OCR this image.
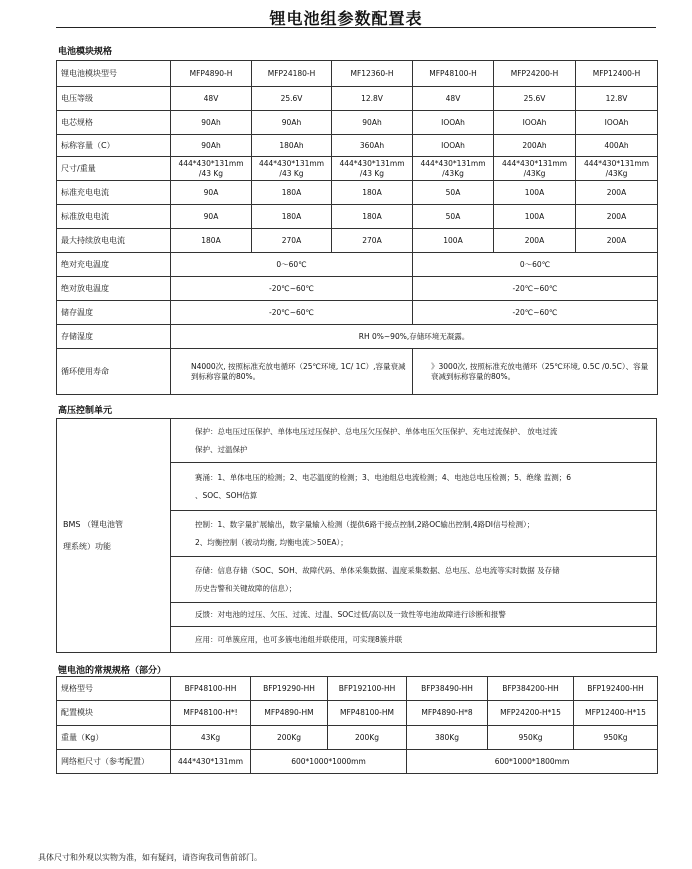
锂电池组参数配置表
电池模块规格
锂电池模块型号	MFP4890-H	MFP24180-H	MF12360-H	MFP48100-H	MFP24200-H	MFP12400-H
电压等级	48V	25.6V	12.8V	48V	25.6V	12.8V
电芯规格	90Ah	90Ah	90Ah	IOOAh	IOOAh	IOOAh
标称容量（C）	90Ah	180Ah	360Ah	IOOAh	200Ah	400Ah
尺寸/重量	444*430*131mm /43 Kg	444*430*131mm /43 Kg	444*430*131mm /43 Kg	444*430*131mm /43Kg	444*430*131mm /43Kg	444*430*131mm /43Kg
标准充电电流	90A	180A	180A	50A	100A	200A
标准放电电流	90A	180A	180A	50A	100A	200A
最大持续放电电流	180A	270A	270A	100A	200A	200A
绝对充电温度	0～60℃			0～60℃		
绝对放电温度	-20℃~60℃			-20℃~60℃		
储存温度	-20℃~60℃			-20℃~60℃		
存储湿度	RH 0%~90%,存储环境无凝露。					
循环使用寿命	N4000次, 按照标准充放电循环（25℃环境, 1C/ 1C）,容量衰减到标称容量的80%。			》3000次, 按照标准充放电循环（25℃环境, 0.5C /0.5C）、容量衰减到标称容量的80%。		
高压控制单元
BMS （锂电池管
理系统）功能

保护：总电压过压保护、单体电压过压保护、总电压欠压保护、单体电压欠压保护、充电过流保护、 放电过流
保护、过温保护

赛涌：1、单体电压的检测；2、电芯温度的检测；3、电池组总电流检测；4、电池总电压检测；5、绝缘 监测；6
、SOC、SOH估算

控制：1、数字量扩展输出，数字量输入检测（提供6路干接点控制,2路OC输出控制,4路DI信号检测）；
2、均衡控制（被动均衡, 均衡电流＞50EA）；

存储：信息存储（SOC、SOH、故障代码、单体采集数据、温度采集数据、总电压、总电流等实时数据 及存储
历史告警和关键故障的信息）；

反馈：对电池的过压、欠压、过流、过温、SOC过低/高以及一致性等电池故障进行诊断和报警
应用：可单簇应用，也可多簇电池组并联使用，可实现8簇并联
锂电池的常规规格（部分）
规格型号	BFP48100-HH	BFP19290-HH	BFP192100-HH	BFP38490-HH	BFP384200-HH	BFP192400-HH
配置模块	MFP48100-H*!	MFP4890-HM	MFP48100-HM	MFP4890-H*8	MFP24200-H*15	MFP12400-H*15
重量（Kg）	43Kg	200Kg	200Kg	380Kg	950Kg	950Kg
网络柜尺寸（参考配置）	444*430*131mm	600*1000*1000mm		600*1000*1800mm		
具体尺寸和外观以实物为准，如有疑问，请咨询我司售前部门。
